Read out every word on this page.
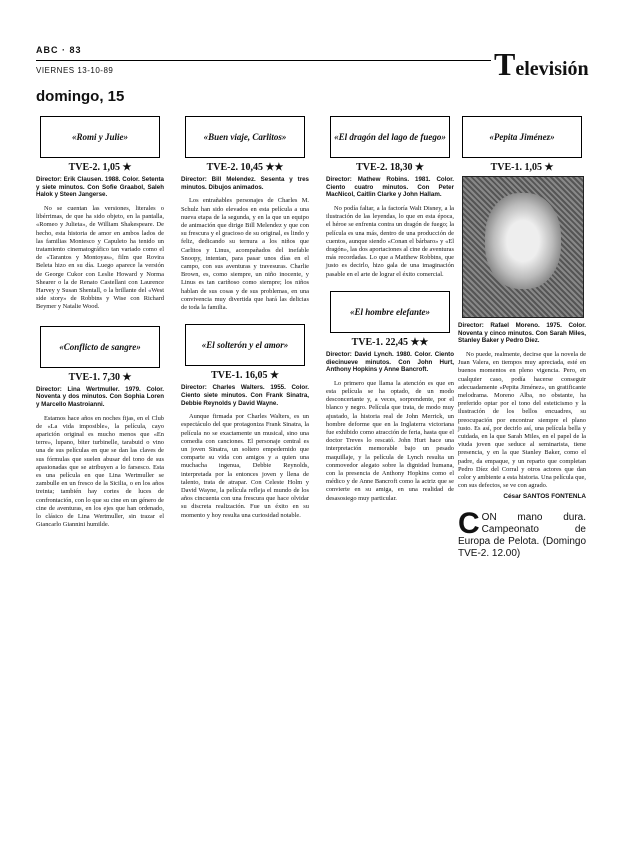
ABC · 83
VIERNES 13-10-89	Televisión
domingo, 15
«Romi y Julie»
TVE-2. 1,05 ★
Director: Erik Clausen. 1988. Color. Setenta y siete minutos. Con Sofie Graabol, Saleh Halok y Steen Jangerse.

No se cuentan las versiones, literales o libérrimas, de que ha sido objeto, en la pantalla, «Romeo y Julieta», de William Shakespeare. De hecho, esta historia de amor en ambos lados de las familias Montesco y Capuleto ha tenido un tratamiento cinematográfico tan variado como el de «Tarantos y Montoyas», film que Rovira Beleta hizo en su día. Luego aparece la versión de George Cukor con Leslie Howard y Norma Shearer o la de Renato Castellani con Laurence Harvey y Susan Shentall, o la brillante del «West side story» de Robbins y Wise con Richard Beymer y Natalie Wood.

«Conflicto de sangre»
TVE-1. 7,30 ★
Director: Lina Wertmuller. 1979. Color. Noventa y dos minutos. Con Sophia Loren y Marcello Mastroianni.

Estamos hace años en noches fijas, en el Club de «La vida imposible», la película, cayo aparición original es mucho menos que «En terre», lupano, biter turbinelle, tarabuid o vino una de sus películas en que se dan las claves de sus fórmulas que suelen abusar del tono de sus apasionadas que se atribuyen a lo farsesco. Esta es una película en que Lina Wertmuller se zambulle en un fresco de la Sicilia, o en los años treinta; también hay cortes de luces de confrontación, con lo que su cine en un género de cine de aventuras, en los ejes que han ordenado, lo clásico de Lina Wertmuller, sin trazar el Giancarlo Giannini humilde.

«Buen viaje, Carlitos»
TVE-2. 10,45 ★★
Director: Bill Melendez. Sesenta y tres minutos. Dibujos animados.

Los entrañables personajes de Charles M. Schulz han sido elevados en esta película a una nueva etapa de la segunda, y en la que un equipo de animación que dirige Bill Melendez y que con su frescura y el gracioso de su original, es lindo y feliz, dedicando su ternura a los niños que Carlitos y Linus, acompañados del inefable Snoopy, intentan, para pasar unos días en el campo, con sus aventuras y travesuras. Charlie Brown, es, como siempre, un niño inocente, y Linus es tan cariñoso como siempre; los niños hablan de sus cosas y de sus problemas, en una convivencia muy divertida que hará las delicias de toda la familia.

«El solterón y el amor»
TVE-1. 16,05 ★
Director: Charles Walters. 1955. Color. Ciento siete minutos. Con Frank Sinatra, Debbie Reynolds y David Wayne.

Aunque firmada por Charles Walters, es un espectáculo del que protagoniza Frank Sinatra, la película no se exactamente un musical, sino una comedia con canciones. El personaje central es un joven Sinatra, un soltero empedernido que comparte su vida con amigos y a quien una muchacha ingenua, Debbie Reynolds, interpretada por la entonces joven y llena de talento, trata de atrapar. Con Celeste Holm y David Wayne, la película refleja el mundo de los años cincuenta con una frescura que hace olvidar su discreta realización. Fue un éxito en su momento y hoy resulta una curiosidad notable.

«El dragón del lago de fuego»
TVE-2. 18,30 ★
Director: Mathew Robins. 1981. Color. Ciento cuatro minutos. Con Peter MacNicol, Caitlin Clarke y John Hallam.

No podía faltar, a la factoría Walt Disney, a la ilustración de las leyendas, lo que en esta época, el héroe se enfrenta contra un dragón de fuego; la película es una más, dentro de una producción de cuentos, aunque siendo «Conan el bárbaro» y «El dragón», las dos aportaciones al cine de aventuras más recordadas. Lo que a Matthew Robbins, que justo es decirlo, hizo gala de una imaginación pasable en el arte de lograr el éxito comercial.

«El hombre elefante»
TVE-1. 22,45 ★★
Director: David Lynch. 1980. Color. Ciento diecinueve minutos. Con John Hurt, Anthony Hopkins y Anne Bancroft.

Lo primero que llama la atención es que en esta película se ha optado, de un modo desconcertante y, a veces, sorprendente, por el blanco y negro. Película que trata, de modo muy ajustado, la historia real de John Merrick, un hombre deforme que en la Inglaterra victoriana fue exhibido como atracción de feria, hasta que el doctor Treves lo rescató. John Hurt hace una interpretación memorable bajo un pesado maquillaje, y la película de Lynch resulta un conmovedor alegato sobre la dignidad humana, con la presencia de Anthony Hopkins como el médico y de Anne Bancroft como la actriz que se convierte en su amiga, en una realidad de desasosiego muy particular.

«Pepita Jiménez»
TVE-1. 1,05 ★
Director: Rafael Moreno. 1975. Color. Noventa y cinco minutos. Con Sarah Miles, Stanley Baker y Pedro Díez.

No puede, realmente, decirse que la novela de Juan Valera, en tiempos muy apreciada, esté en buenos momentos en pleno vigencia. Pero, en cualquier caso, podía hacerse conseguir adecuadamente «Pepita Jiménez», un gratificante melodrama. Moreno Alba, no obstante, ha preferido optar por el tono del esteticismo y la ilustración de los bellos encuadres, su preocupación por encontrar siempre el plano justo. Es así, por decirlo así, una película bella y cuidada, en la que Sarah Miles, en el papel de la viuda joven que seduce al seminarista, tiene presencia, y en la que Stanley Baker, como el padre, da empaque, y un reparto que completan Pedro Díez del Corral y otros actores que dan color y ambiente a esta historia. Una película que, con sus defectos, se ve con agrado.

César SANTOS FONTENLA
CON mano dura. Campeonato de Europa de Pelota. (Domingo TVE-2. 12.00)
